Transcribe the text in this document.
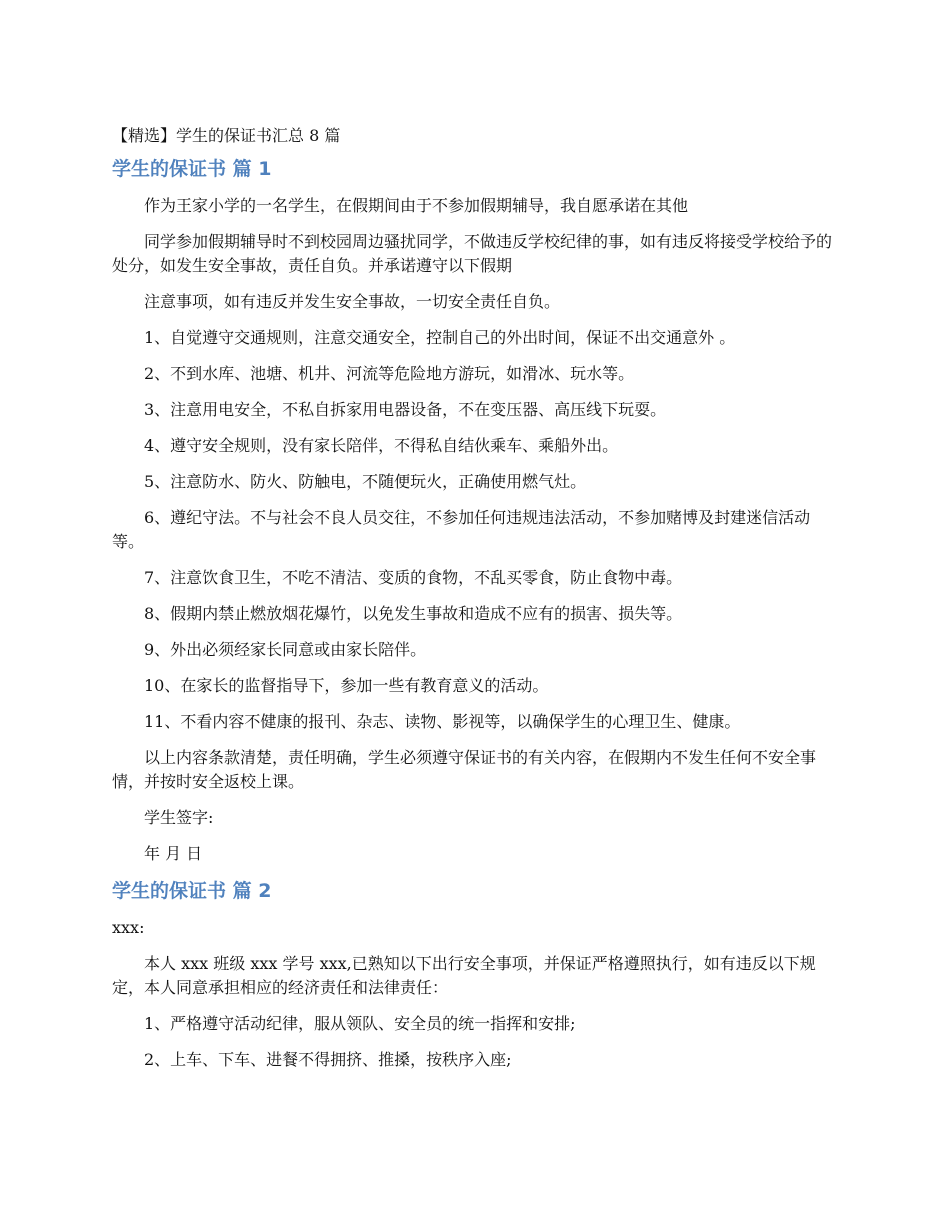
【精选】学生的保证书汇总 8 篇
学生的保证书 篇 1

作为王家小学的一名学生，在假期间由于不参加假期辅导，我自愿承诺在其他

同学参加假期辅导时不到校园周边骚扰同学，不做违反学校纪律的事，如有违反将接受学校给予的处分，如发生安全事故，责任自负。并承诺遵守以下假期

注意事项，如有违反并发生安全事故，一切安全责任自负。

1、自觉遵守交通规则，注意交通安全，控制自己的外出时间，保证不出交通意外 。

2、不到水库、池塘、机井、河流等危险地方游玩，如滑冰、玩水等。

3、注意用电安全，不私自拆家用电器设备，不在变压器、高压线下玩耍。

4、遵守安全规则，没有家长陪伴，不得私自结伙乘车、乘船外出。

5、注意防水、防火、防触电，不随便玩火，正确使用燃气灶。

6、遵纪守法。不与社会不良人员交往，不参加任何违规违法活动，不参加赌博及封建迷信活动等。

7、注意饮食卫生，不吃不清洁、变质的食物，不乱买零食，防止食物中毒。

8、假期内禁止燃放烟花爆竹，以免发生事故和造成不应有的损害、损失等。

9、外出必须经家长同意或由家长陪伴。

10、在家长的监督指导下，参加一些有教育意义的活动。

11、不看内容不健康的报刊、杂志、读物、影视等，以确保学生的心理卫生、健康。

以上内容条款清楚，责任明确，学生必须遵守保证书的有关内容，在假期内不发生任何不安全事情，并按时安全返校上课。

学生签字:

年 月 日

学生的保证书 篇 2

xxx:

本人 xxx 班级 xxx 学号 xxx,已熟知以下出行安全事项，并保证严格遵照执行，如有违反以下规定，本人同意承担相应的经济责任和法律责任：

1、严格遵守活动纪律，服从领队、安全员的统一指挥和安排;

2、上车、下车、进餐不得拥挤、推搡，按秩序入座;
